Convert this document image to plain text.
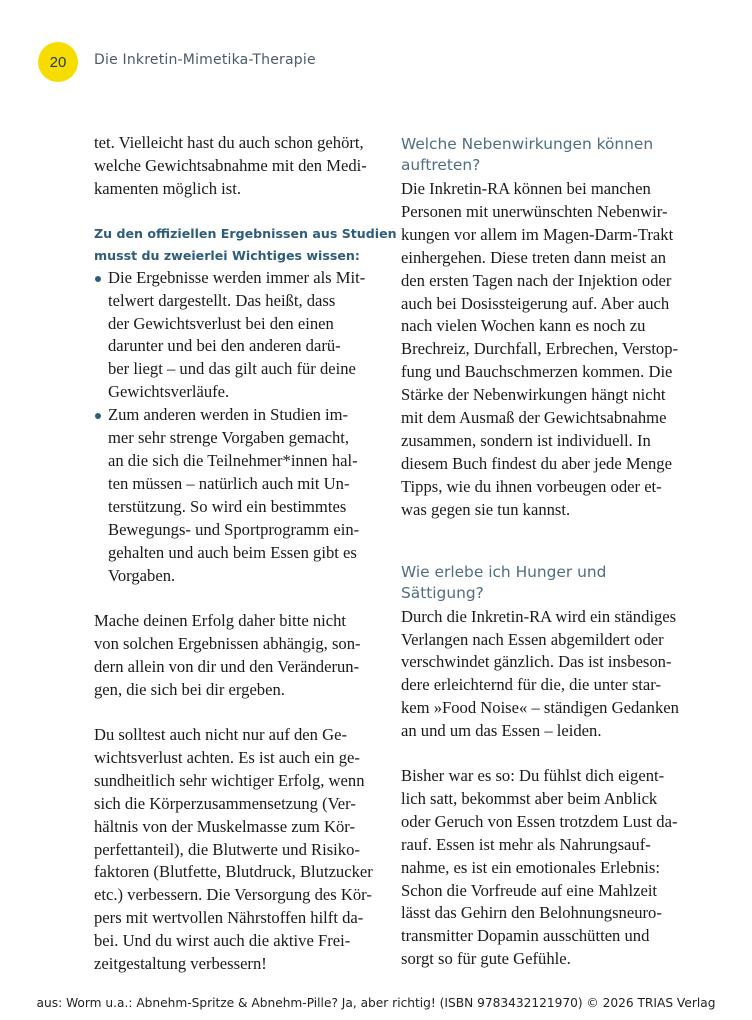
20 Die Inkretin-Mimetika-Therapie
tet. Vielleicht hast du auch schon gehört,
welche Gewichtsabnahme mit den Medi-
kamenten möglich ist.
Zu den offiziellen Ergebnissen aus Studien
musst du zweierlei Wichtiges wissen:
Die Ergebnisse werden immer als Mit-
telwert dargestellt. Das heißt, dass
der Gewichtsverlust bei den einen
darunter und bei den anderen darü-
ber liegt – und das gilt auch für deine
Gewichtsverläufe.
Zum anderen werden in Studien im-
mer sehr strenge Vorgaben gemacht,
an die sich die Teilnehmer*innen hal-
ten müssen – natürlich auch mit Un-
terstützung. So wird ein bestimmtes
Bewegungs- und Sportprogramm ein-
gehalten und auch beim Essen gibt es
Vorgaben.
Mache deinen Erfolg daher bitte nicht
von solchen Ergebnissen abhängig, son-
dern allein von dir und den Veränderun-
gen, die sich bei dir ergeben.
Du solltest auch nicht nur auf den Ge-
wichtsverlust achten. Es ist auch ein ge-
sundheitlich sehr wichtiger Erfolg, wenn
sich die Körperzusammensetzung (Ver-
hältnis von der Muskelmasse zum Kör-
perfettanteil), die Blutwerte und Risiko-
faktoren (Blutfette, Blutdruck, Blutzucker
etc.) verbessern. Die Versorgung des Kör-
pers mit wertvollen Nährstoffen hilft da-
bei. Und du wirst auch die aktive Frei-
zeitgestaltung verbessern!
Welche Nebenwirkungen können
auftreten?
Die Inkretin-RA können bei manchen
Personen mit unerwünschten Nebenwir-
kungen vor allem im Magen-Darm-Trakt
einhergehen. Diese treten dann meist an
den ersten Tagen nach der Injektion oder
auch bei Dosissteigerung auf. Aber auch
nach vielen Wochen kann es noch zu
Brechreiz, Durchfall, Erbrechen, Verstop-
fung und Bauchschmerzen kommen. Die
Stärke der Nebenwirkungen hängt nicht
mit dem Ausmaß der Gewichtsabnahme
zusammen, sondern ist individuell. In
diesem Buch findest du aber jede Menge
Tipps, wie du ihnen vorbeugen oder et-
was gegen sie tun kannst.
Wie erlebe ich Hunger und
Sättigung?
Durch die Inkretin-RA wird ein ständiges
Verlangen nach Essen abgemildert oder
verschwindet gänzlich. Das ist insbeson-
dere erleichternd für die, die unter star-
kem »Food Noise« – ständigen Gedanken
an und um das Essen – leiden.
Bisher war es so: Du fühlst dich eigent-
lich satt, bekommst aber beim Anblick
oder Geruch von Essen trotzdem Lust da-
rauf. Essen ist mehr als Nahrungsauf-
nahme, es ist ein emotionales Erlebnis:
Schon die Vorfreude auf eine Mahlzeit
lässt das Gehirn den Belohnungsneuro-
transmitter Dopamin ausschütten und
sorgt so für gute Gefühle.
aus: Worm u.a.: Abnehm-Spritze & Abnehm-Pille? Ja, aber richtig! (ISBN 9783432121970) © 2026 TRIAS Verlag
